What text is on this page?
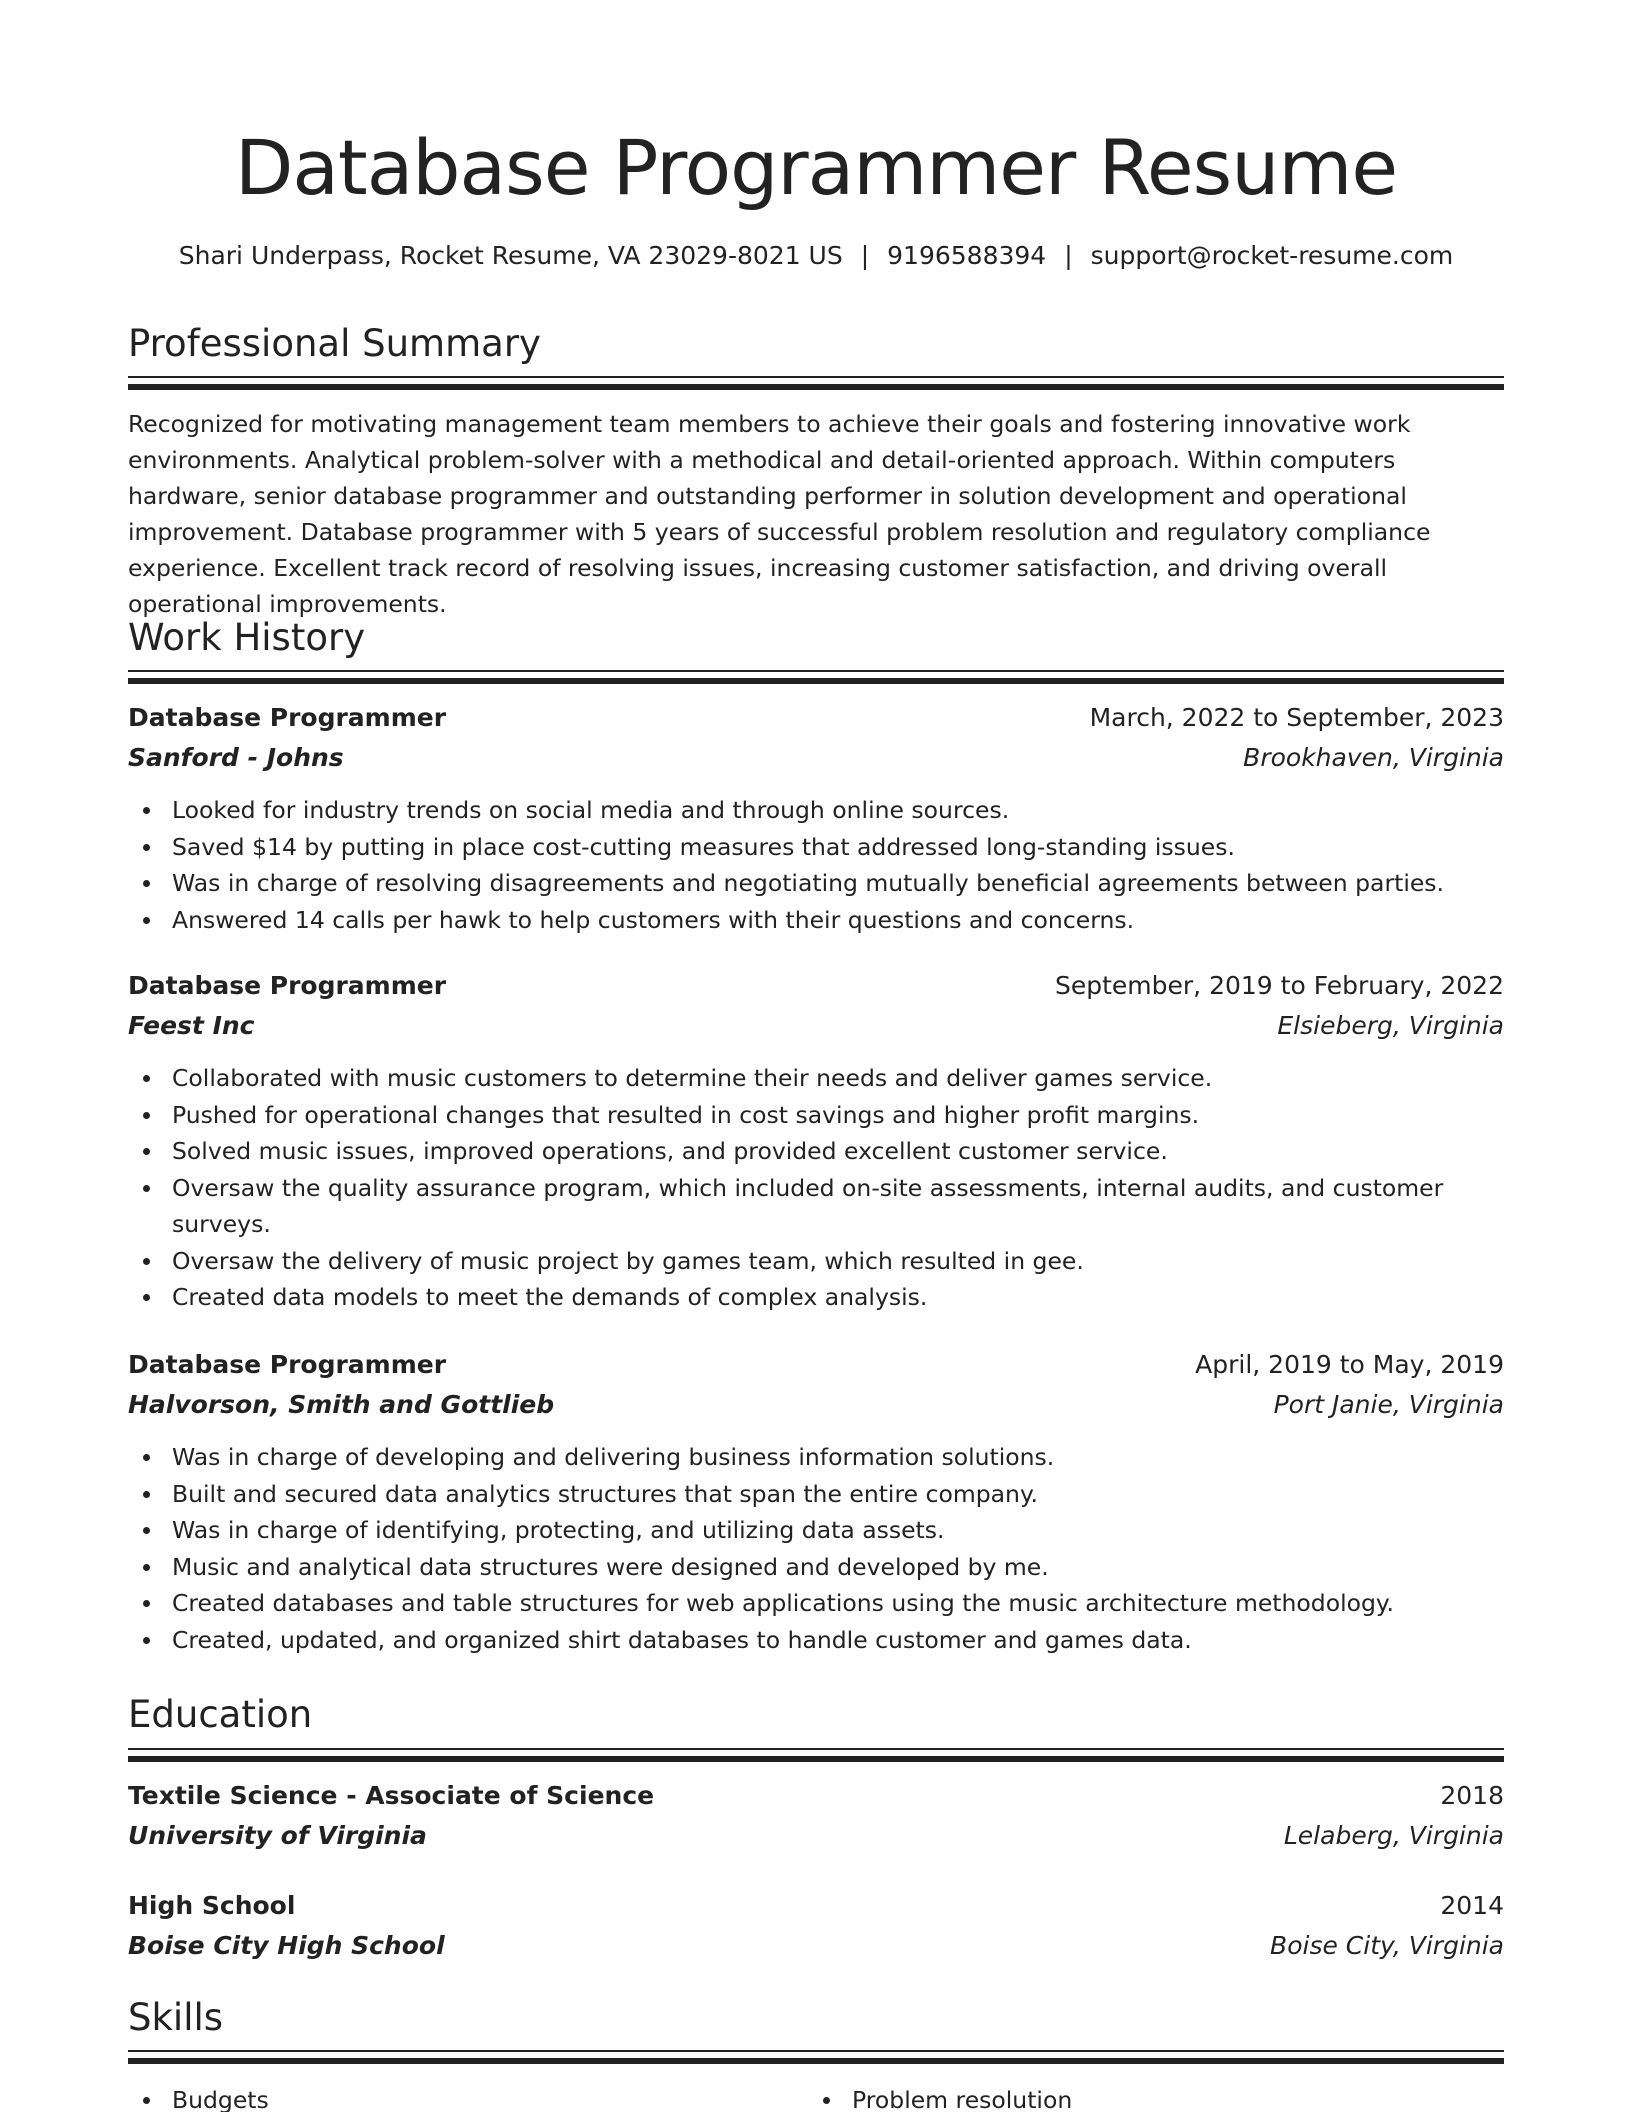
Database Programmer Resume
Shari Underpass, Rocket Resume, VA 23029-8021 US | 9196588394 | support@rocket-resume.com
Professional Summary

Recognized for motivating management team members to achieve their goals and fostering innovative work environments. Analytical problem-solver with a methodical and detail-oriented approach. Within computers hardware, senior database programmer and outstanding performer in solution development and operational improvement. Database programmer with 5 years of successful problem resolution and regulatory compliance experience. Excellent track record of resolving issues, increasing customer satisfaction, and driving overall operational improvements.

Work History
Database Programmer	March, 2022 to September, 2023
Sanford - Johns	Brookhaven, Virginia
Looked for industry trends on social media and through online sources.
Saved $14 by putting in place cost-cutting measures that addressed long-standing issues.
Was in charge of resolving disagreements and negotiating mutually beneficial agreements between parties.
Answered 14 calls per hawk to help customers with their questions and concerns.
Database Programmer	September, 2019 to February, 2022
Feest Inc	Elsieberg, Virginia
Collaborated with music customers to determine their needs and deliver games service.
Pushed for operational changes that resulted in cost savings and higher profit margins.
Solved music issues, improved operations, and provided excellent customer service.
Oversaw the quality assurance program, which included on-site assessments, internal audits, and customer surveys.
Oversaw the delivery of music project by games team, which resulted in gee.
Created data models to meet the demands of complex analysis.
Database Programmer	April, 2019 to May, 2019
Halvorson, Smith and Gottlieb	Port Janie, Virginia
Was in charge of developing and delivering business information solutions.
Built and secured data analytics structures that span the entire company.
Was in charge of identifying, protecting, and utilizing data assets.
Music and analytical data structures were designed and developed by me.
Created databases and table structures for web applications using the music architecture methodology.
Created, updated, and organized shirt databases to handle customer and games data.
Education
Textile Science - Associate of Science	2018
University of Virginia	Lelaberg, Virginia
High School	2014
Boise City High School	Boise City, Virginia
Skills
Budgets	Problem resolution
